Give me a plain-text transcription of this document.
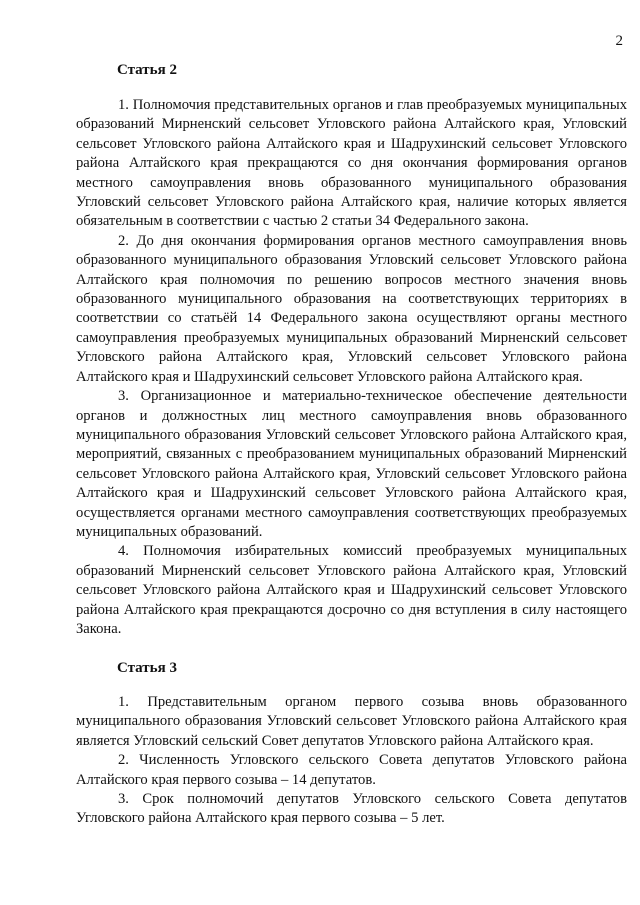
2
Статья 2

1. Полномочия представительных органов и глав преобразуемых муниципальных образований Мирненский сельсовет Угловского района Алтайского края, Угловский сельсовет Угловского района Алтайского края и Шадрухинский сельсовет Угловского района Алтайского края прекращаются со дня окончания формирования органов местного самоуправления вновь образованного муниципального образования Угловский сельсовет Угловского района Алтайского края, наличие которых является обязательным в соответствии с частью 2 статьи 34 Федерального закона.

2. До дня окончания формирования органов местного самоуправления вновь образованного муниципального образования Угловский сельсовет Угловского района Алтайского края полномочия по решению вопросов местного значения вновь образованного муниципального образования на соответствующих территориях в соответствии со статьёй 14 Федерального закона осуществляют органы местного самоуправления преобразуемых муниципальных образований Мирненский сельсовет Угловского района Алтайского края, Угловский сельсовет Угловского района Алтайского края и Шадрухинский сельсовет Угловского района Алтайского края.

3. Организационное и материально-техническое обеспечение деятельности органов и должностных лиц местного самоуправления вновь образованного муниципального образования Угловский сельсовет Угловского района Алтайского края, мероприятий, связанных с преобразованием муниципальных образований Мирненский сельсовет Угловского района Алтайского края, Угловский сельсовет Угловского района Алтайского края и Шадрухинский сельсовет Угловского района Алтайского края, осуществляется органами местного самоуправления соответствующих преобразуемых муниципальных образований.

4. Полномочия избирательных комиссий преобразуемых муниципальных образований Мирненский сельсовет Угловского района Алтайского края, Угловский сельсовет Угловского района Алтайского края и Шадрухинский сельсовет Угловского района Алтайского края прекращаются досрочно со дня вступления в силу настоящего Закона.

Статья 3

1. Представительным органом первого созыва вновь образованного муниципального образования Угловский сельсовет Угловского района Алтайского края является Угловский сельский Совет депутатов Угловского района Алтайского края.

2. Численность Угловского сельского Совета депутатов Угловского района Алтайского края первого созыва – 14 депутатов.

3. Срок полномочий депутатов Угловского сельского Совета депутатов Угловского района Алтайского края первого созыва – 5 лет.
